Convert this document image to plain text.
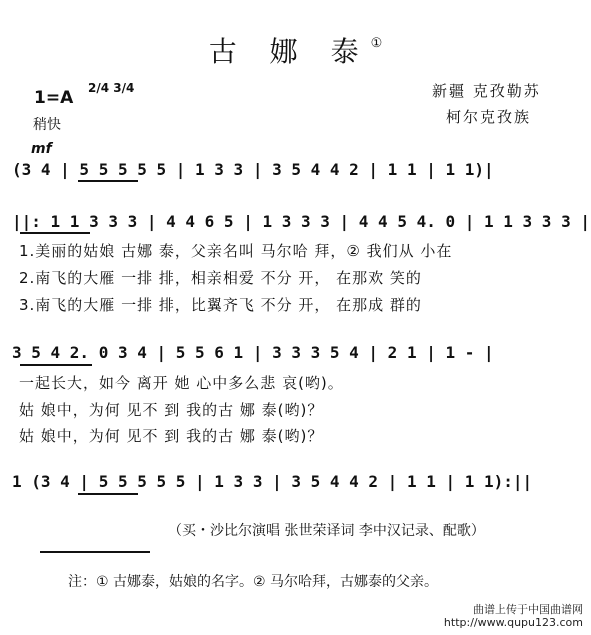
古 娜 泰①
1=A 2/4 3/4
稍快
新疆 克孜勒苏
柯尔克孜族
mf
(3 4 | 5 5 5 5 5 | 1 3 3 | 3 5 4 4 2 | 1 1 | 1 1)|
||: 1 1 3 3 3 | 4 4 6 5 | 1 3 3 3 | 4 4 5 4. 0 | 1 1 3 3 3 |
1.美丽的姑娘 古娜 泰，父亲名叫 马尔哈 拜，② 我们从 小在
2.南飞的大雁 一排 排，相亲相爱 不分 开， 在那欢 笑的
3.南飞的大雁 一排 排，比翼齐飞 不分 开， 在那成 群的
3 5 4 2. 0 3 4 | 5 5 6 1 | 3 3 3 5 4 | 2 1 | 1 - |
一起长大，如今 离开 她 心中多么悲 哀(哟)。
姑 娘中，为何 见不 到 我的古 娜 泰(哟)？
姑 娘中，为何 见不 到 我的古 娜 泰(哟)？
1 (3 4 | 5 5 5 5 5 | 1 3 3 | 3 5 4 4 2 | 1 1 | 1 1):||
（买・沙比尔演唱 张世荣译词 李中汉记录、配歌）
注：① 古娜泰，姑娘的名字。② 马尔哈拜，古娜泰的父亲。
曲谱上传于中国曲谱网
http://www.qupu123.com
